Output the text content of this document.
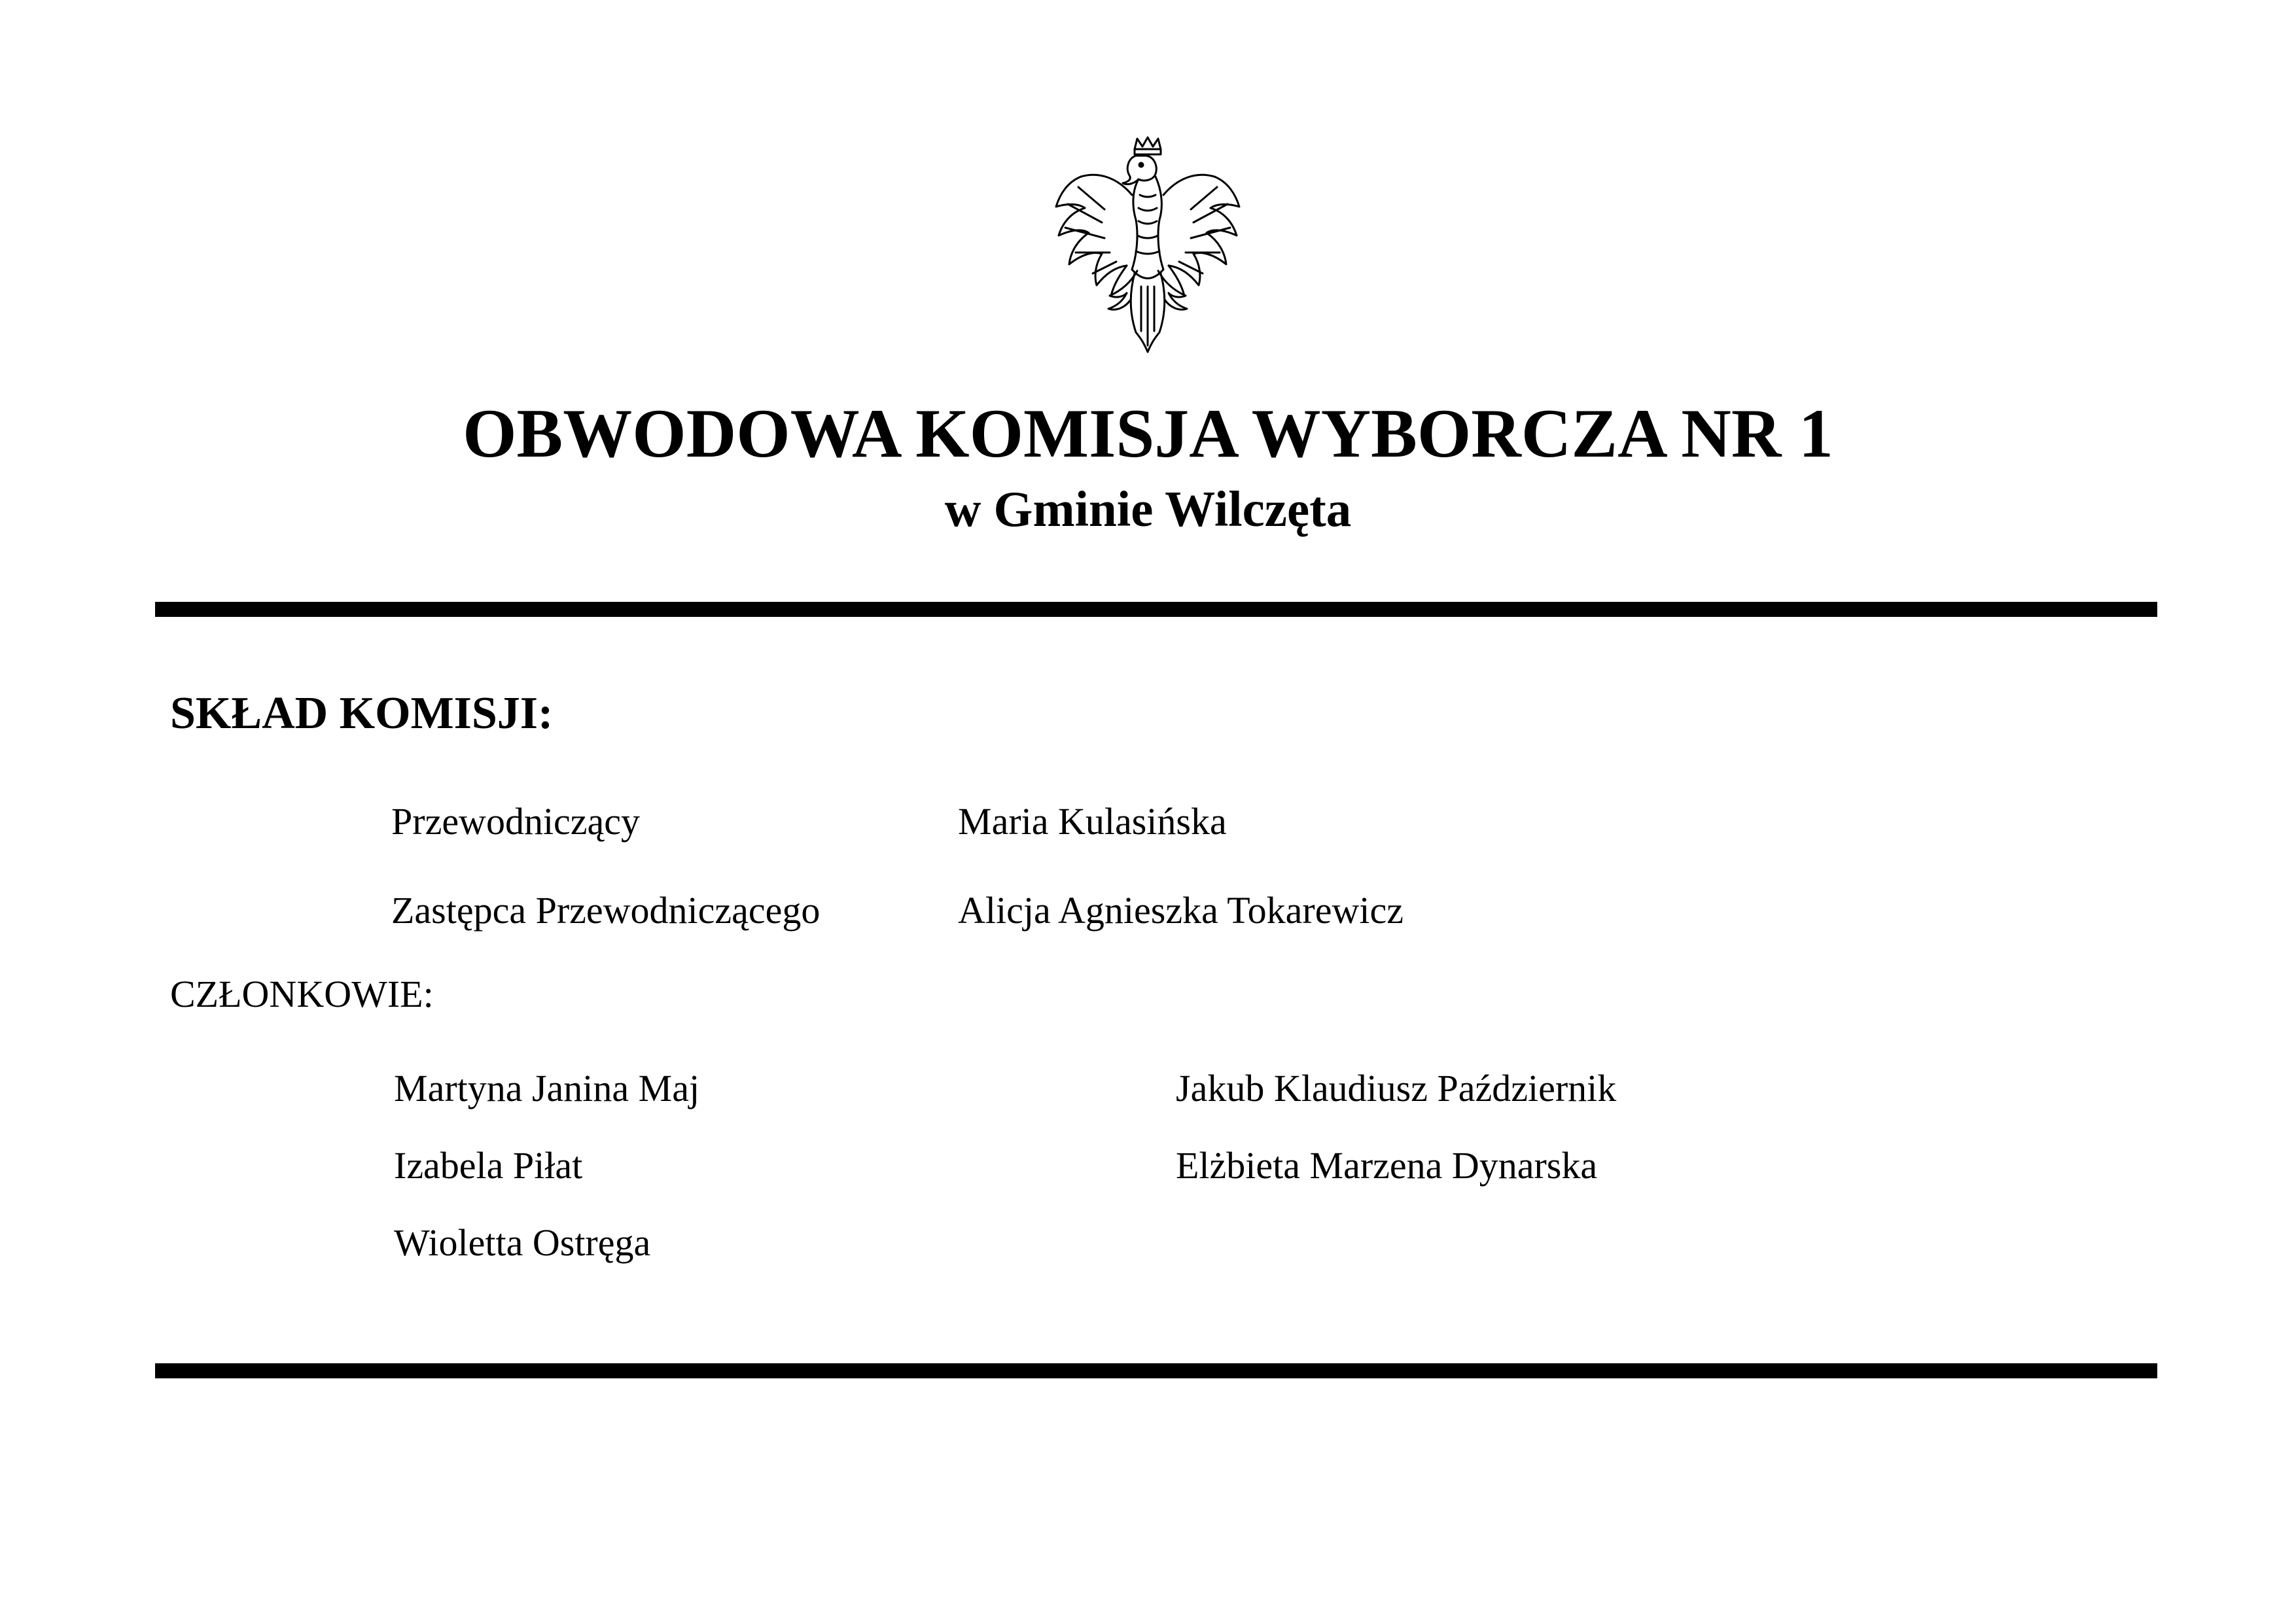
OBWODOWA KOMISJA WYBORCZA NR 1
w Gminie Wilczęta
SKŁAD KOMISJI:
Przewodniczący	Maria Kulasińska
Zastępca Przewodniczącego	Alicja Agnieszka Tokarewicz
CZŁONKOWIE:
Martyna Janina Maj
Izabela Piłat
Wioletta Ostręga
Jakub Klaudiusz Październik
Elżbieta Marzena Dynarska
